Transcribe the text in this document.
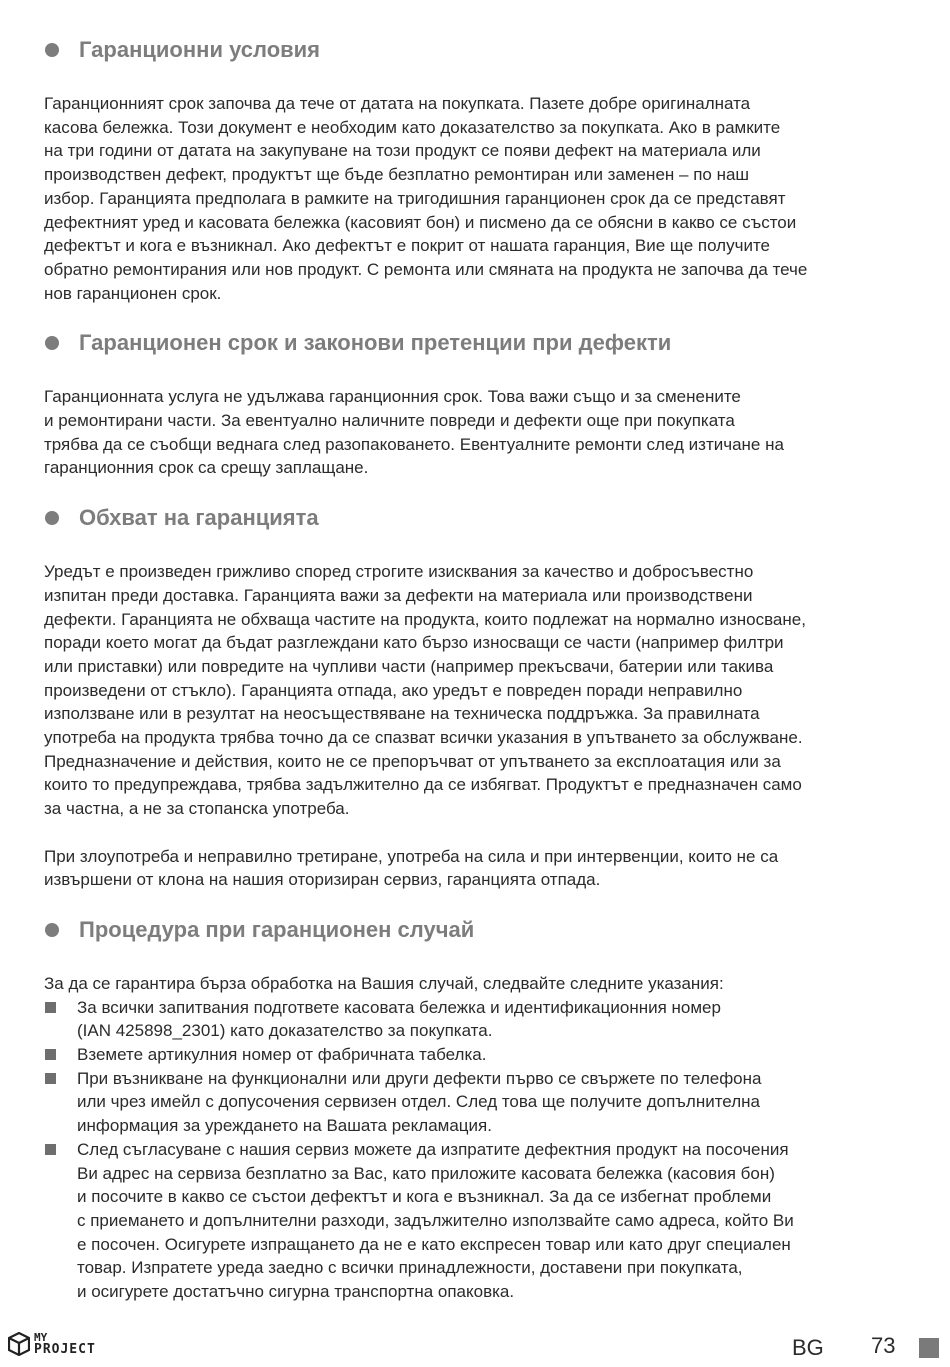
Гаранционни условия

Гаранционният срок започва да тече от датата на покупката. Пазете добре оригиналната
касова бележка. Този документ е необходим като доказателство за покупката. Ако в рамките
на три години от датата на закупуване на този продукт се появи дефект на материала или
производствен дефект, продуктът ще бъде безплатно ремонтиран или заменен – по наш
избор. Гаранцията предполага в рамките на тригодишния гаранционен срок да се представят
дефектният уред и касовата бележка (касовият бон) и писмено да се обясни в какво се състои
дефектът и кога е възникнал. Ако дефектът е покрит от нашата гаранция, Вие ще получите
обратно ремонтирания или нов продукт. С ремонта или смяната на продукта не започва да тече
нов гаранционен срок.

Гаранционен срок и законови претенции при дефекти

Гаранционната услуга не удължава гаранционния срок. Това важи също и за сменените
и ремонтирани части. За евентуално наличните повреди и дефекти още при покупката
трябва да се съобщи веднага след разопаковането. Евентуалните ремонти след изтичане на
гаранционния срок са срещу заплащане.

Обхват на гаранцията

Уредът е произведен грижливо според строгите изисквания за качество и добросъвестно
изпитан преди доставка. Гаранцията важи за дефекти на материала или производствени
дефекти. Гаранцията не обхваща частите на продукта, които подлежат на нормално износване,
поради което могат да бъдат разглеждани като бързо износващи се части (например филтри
или приставки) или повредите на чупливи части (например прекъсвачи, батерии или такива
произведени от стъкло). Гаранцията отпада, ако уредът е повреден поради неправилно
използване или в резултат на неосъществяване на техническа поддръжка. За правилната
употреба на продукта трябва точно да се спазват всички указания в упътването за обслужване.
Предназначение и действия, които не се препоръчват от упътването за експлоатация или за
които то предупреждава, трябва задължително да се избягват. Продуктът е предназначен само
за частна, а не за стопанска употреба.

При злоупотреба и неправилно третиране, употреба на сила и при интервенции, които не са
извършени от клона на нашия оторизиран сервиз, гаранцията отпада.

Процедура при гаранционен случай

За да се гарантира бърза обработка на Вашия случай, следвайте следните указания:

За всички запитвания подгответе касовата бележка и идентификационния номер
(IAN 425898_2301) като доказателство за покупката.
Вземете артикулния номер от фабричната табелка.
При възникване на функционални или други дефекти първо се свържете по телефона
или чрез имейл с допусочения сервизен отдел. След това ще получите допълнителна
информация за уреждането на Вашата рекламация.
След съгласуване с нашия сервиз можете да изпратите дефектния продукт на посочения
Ви адрес на сервиза безплатно за Вас, като приложите касовата бележка (касовия бон)
и посочите в какво се състои дефектът и кога е възникнал. За да се избегнат проблеми
с приемането и допълнителни разходи, задължително използвайте само адреса, който Ви
е посочен. Осигурете изпращането да не е като експресен товар или като друг специален
товар. Изпратете уреда заедно с всички принадлежности, доставени при покупката,
и осигурете достатъчно сигурна транспортна опаковка.
MY
PROJECT	BG 73
